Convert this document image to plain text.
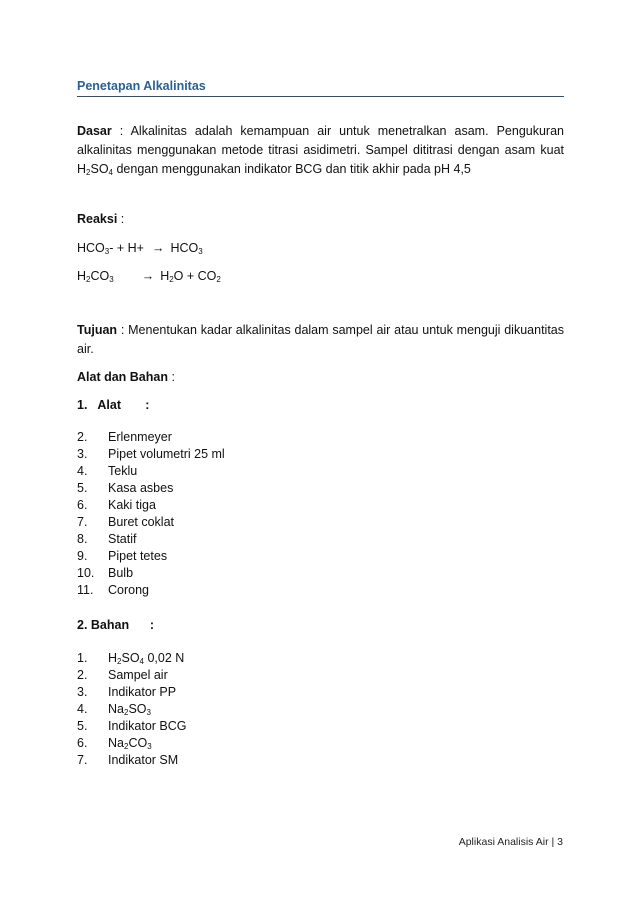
Penetapan Alkalinitas
Dasar : Alkalinitas adalah kemampuan air untuk menetralkan asam. Pengukuran alkalinitas menggunakan metode titrasi asidimetri. Sampel dititrasi dengan asam kuat $H_2SO_4$ dengan menggunakan indikator BCG dan titik akhir pada pH 4,5
Reaksi :
$HCO_3- + H+ \to HCO_3$
$H_2CO_3 \to H_2O + CO_2$
Tujuan : Menentukan kadar alkalinitas dalam sampel air atau untuk menguji dikuantitas air.
Alat dan Bahan :
1.   Alat       :
2. Erlenmeyer
3. Pipet volumetri 25 ml
4. Teklu
5. Kasa asbes
6. Kaki tiga
7. Buret coklat
8. Statif
9. Pipet tetes
10. Bulb
11. Corong
2. Bahan      :
1. $H_2SO_4$ 0,02 N
2. Sampel air
3. Indikator PP
4. $Na_2SO_3$
5. Indikator BCG
6. $Na_2CO_3$
7. Indikator SM
Aplikasi Analisis Air | 3
